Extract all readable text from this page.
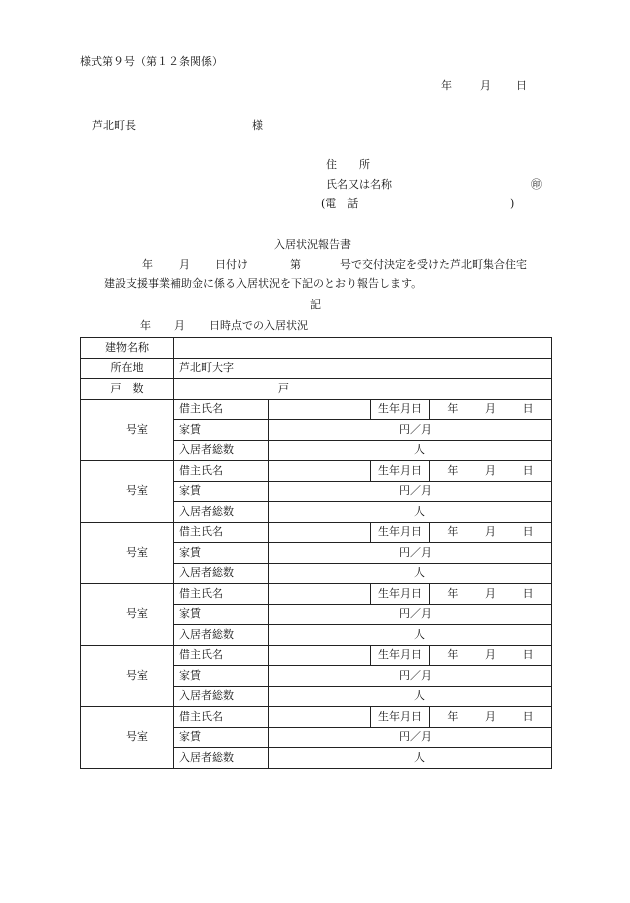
様式第９号（第１２条関係）
年	月 日
芦北町長	様
住　　所
氏名又は名称	㊞
(電　話	)
入居状況報告書
年 月 日付け	第	号で交付決定を受けた芦北町集合住宅
建設支援事業補助金に係る入居状況を下記のとおり報告します。
記
年 月 日時点での入居状況
建物名称				
所在地	芦北町大字			
戸　数	戸			
号室	借主氏名		生年月日	年 月 日

	家賃	円／月		
	入居者総数	人		
号室	借主氏名		生年月日	年 月 日

	家賃	円／月		
	入居者総数	人		
号室	借主氏名		生年月日	年 月 日

	家賃	円／月		
	入居者総数	人		
号室	借主氏名		生年月日	年 月 日

	家賃	円／月		
	入居者総数	人		
号室	借主氏名		生年月日	年 月 日

	家賃	円／月		
	入居者総数	人		
号室	借主氏名		生年月日	年 月 日

	家賃	円／月		
	入居者総数	人		
